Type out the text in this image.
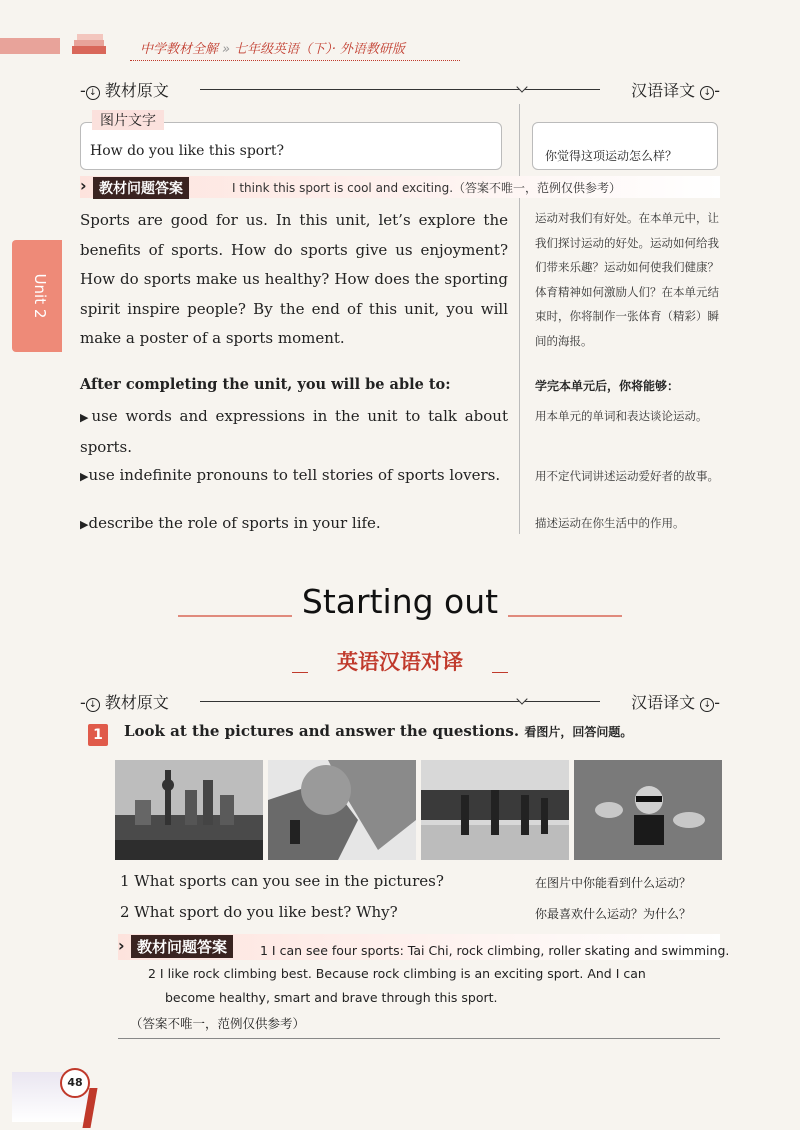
中学教材全解 » 七年级英语（下）· 外语教研版
- ↓ 教材原文	汉语译文 ↓ -
图片文字
How do you like this sport?	你觉得这项运动怎么样？
› 教材问题答案	I think this sport is cool and exciting.（答案不唯一，范例仅供参考）
Sports are good for us. In this unit, let’s explore the benefits of sports. How do sports give us enjoyment? How do sports make us healthy? How does the sporting spirit inspire people? By the end of this unit, you will make a poster of a sports moment.
运动对我们有好处。在本单元中，让我们探讨运动的好处。运动如何给我们带来乐趣？运动如何使我们健康？体育精神如何激励人们？在本单元结束时，你将制作一张体育（精彩）瞬间的海报。
After completing the unit, you will be able to:	学完本单元后，你将能够：
▶use words and expressions in the unit to talk about sports.
用本单元的单词和表达谈论运动。
▶use indefinite pronouns to tell stories of sports lovers.	用不定代词讲述运动爱好者的故事。
▶describe the role of sports in your life.	描述运动在你生活中的作用。
Unit 2
Starting out
英语汉语对译
- ↓ 教材原文	汉语译文 ↓ -
1	Look at the pictures and answer the questions. 看图片，回答问题。
1 What sports can you see in the pictures?	在图片中你能看到什么运动？
2 What sport do you like best? Why?	你最喜欢什么运动？为什么？
› 教材问题答案	1 I can see four sports: Tai Chi, rock climbing, roller skating and swimming.
2 I like rock climbing best. Because rock climbing is an exciting sport. And I can
become healthy, smart and brave through this sport.
（答案不唯一，范例仅供参考）
48
